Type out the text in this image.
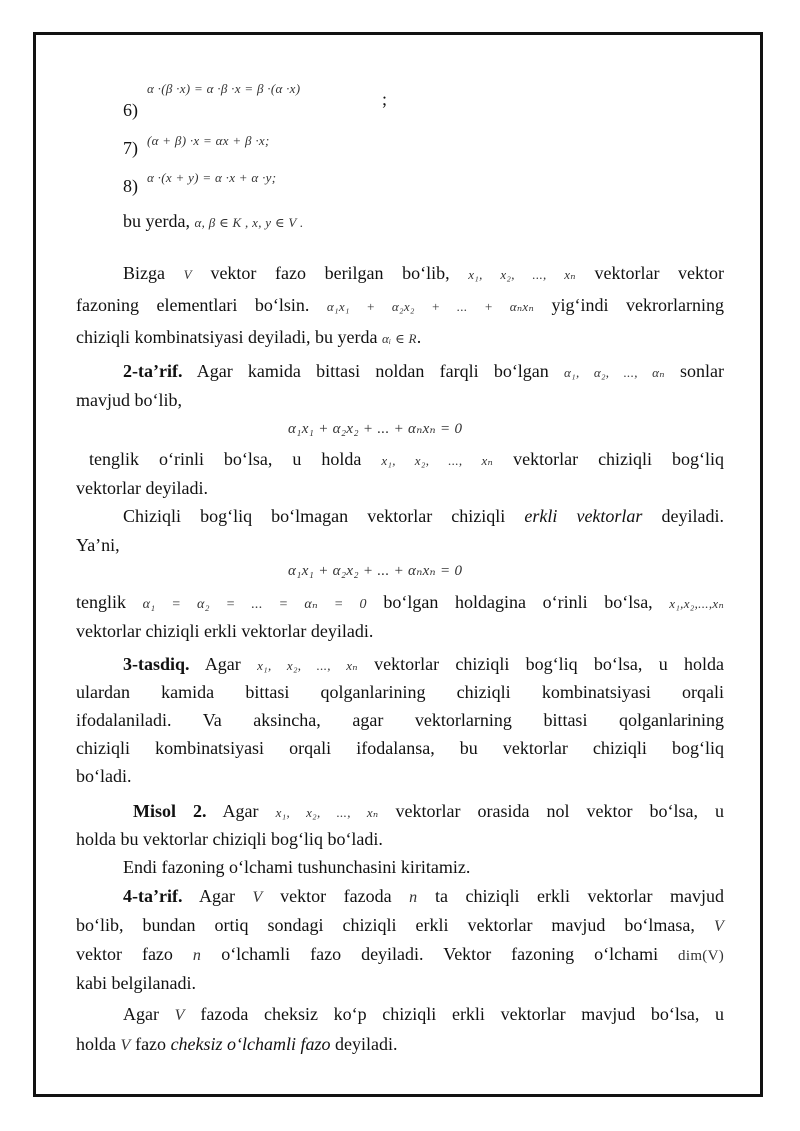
α ·(β ·x) = α ·β ·x = β ·(α ·x)
;
6)
7) (α + β) ·x = αx + β ·x;
8) α ·(x + y) = α ·x + α ·y;
bu yerda, α, β ∈ K , x, y ∈ V .
Bizga V vektor fazo berilgan bo‘lib, x₁, x₂, ..., xₙ vektorlar vektor
fazoning elementlari bo‘lsin. α₁x₁ + α₂x₂ + ... + αₙxₙ yig‘indi vekrorlarning
chiziqli kombinatsiyasi deyiladi, bu yerda αᵢ ∈ R.
2-ta’rif. Agar kamida bittasi noldan farqli bo‘lgan α₁, α₂, ..., αₙ sonlar
mavjud bo‘lib,
α₁x₁ + α₂x₂ + ... + αₙxₙ = 0
tenglik o‘rinli bo‘lsa, u holda x₁, x₂, ..., xₙ vektorlar chiziqli bog‘liq
vektorlar deyiladi.
Chiziqli bog‘liq bo‘lmagan vektorlar chiziqli erkli vektorlar deyiladi.
Ya’ni,
α₁x₁ + α₂x₂ + ... + αₙxₙ = 0
tenglik α₁ = α₂ = ... = αₙ = 0 bo‘lgan holdagina o‘rinli bo‘lsa, x₁,x₂,...,xₙ
vektorlar chiziqli erkli vektorlar deyiladi.
3-tasdiq. Agar x₁, x₂, ..., xₙ vektorlar chiziqli bog‘liq bo‘lsa, u holda
ulardan kamida bittasi qolganlarining chiziqli kombinatsiyasi orqali
ifodalaniladi. Va aksincha, agar vektorlarning bittasi qolganlarining
chiziqli kombinatsiyasi orqali ifodalansa, bu vektorlar chiziqli bog‘liq
bo‘ladi.
Misol 2. Agar x₁, x₂, ..., xₙ vektorlar orasida nol vektor bo‘lsa, u
holda bu vektorlar chiziqli bog‘liq bo‘ladi.
Endi fazoning o‘lchami tushunchasini kiritamiz.
4-ta’rif. Agar V vektor fazoda n ta chiziqli erkli vektorlar mavjud
bo‘lib, bundan ortiq sondagi chiziqli erkli vektorlar mavjud bo‘lmasa, V
vektor fazo n o‘lchamli fazo deyiladi. Vektor fazoning o‘lchami dim(V)
kabi belgilanadi.
Agar V fazoda cheksiz ko‘p chiziqli erkli vektorlar mavjud bo‘lsa, u
holda V fazo cheksiz o‘lchamli fazo deyiladi.
